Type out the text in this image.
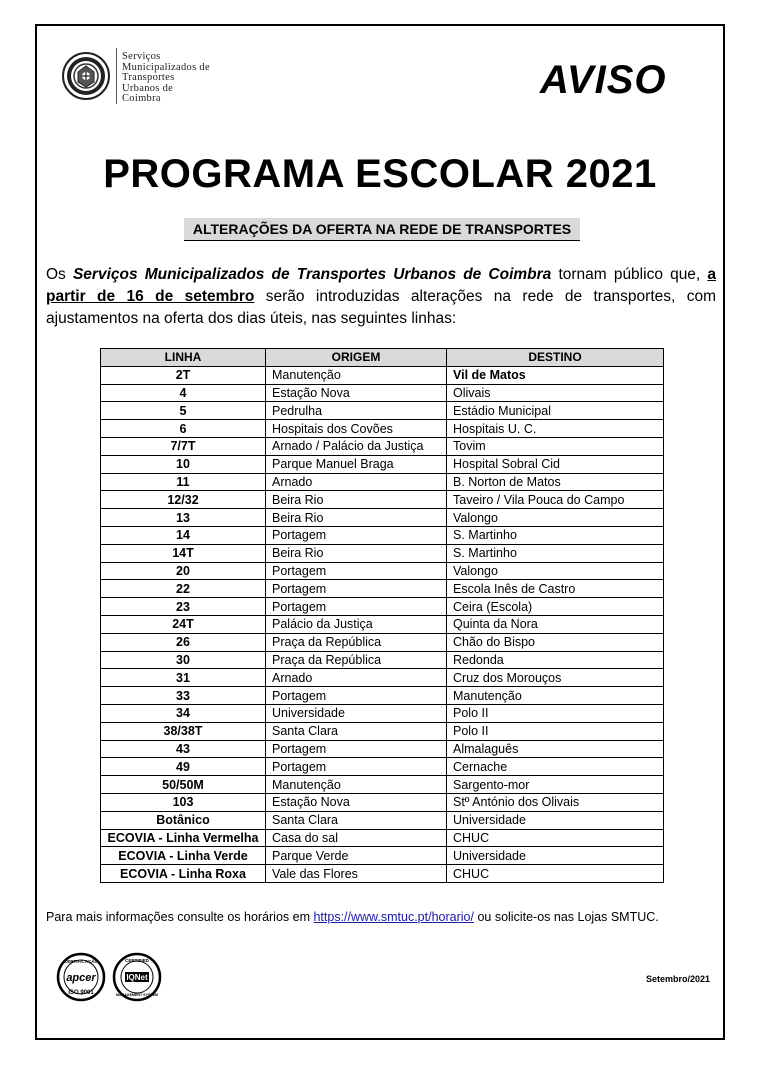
Serviços
Municipalizados de
Transportes
Urbanos de
Coimbra	AVISO
PROGRAMA ESCOLAR 2021
ALTERAÇÕES DA OFERTA NA REDE DE TRANSPORTES
Os Serviços Municipalizados de Transportes Urbanos de Coimbra tornam público que, a partir de 16 de setembro serão introduzidas alterações na rede de transportes, com ajustamentos na oferta dos dias úteis, nas seguintes linhas:
LINHA	ORIGEM	DESTINO
2T	Manutenção	Vil de Matos
4	Estação Nova	Olivais
5	Pedrulha	Estádio Municipal
6	Hospitais dos Covões	Hospitais U. C.
7/7T	Arnado / Palácio da Justiça	Tovim
10	Parque Manuel Braga	Hospital Sobral Cid
11	Arnado	B. Norton de Matos
12/32	Beira Rio	Taveiro / Vila Pouca do Campo
13	Beira Rio	Valongo
14	Portagem	S. Martinho
14T	Beira Rio	S. Martinho
20	Portagem	Valongo
22	Portagem	Escola Inês de Castro
23	Portagem	Ceira (Escola)
24T	Palácio da Justiça	Quinta da Nora
26	Praça da República	Chão do Bispo
30	Praça da República	Redonda
31	Arnado	Cruz dos Morouços
33	Portagem	Manutenção
34	Universidade	Polo II
38/38T	Santa Clara	Polo II
43	Portagem	Almalaguês
49	Portagem	Cernache
50/50M	Manutenção	Sargento-mor
103	Estação Nova	Stº António dos Olivais
Botânico	Santa Clara	Universidade
ECOVIA - Linha Vermelha	Casa do sal	CHUC
ECOVIA - Linha Verde	Parque Verde	Universidade
ECOVIA - Linha Roxa	Vale das Flores	CHUC
Para mais informações consulte os horários em https://www.smtuc.pt/horario/ ou solicite-os nas Lojas SMTUC.
CERTIFICAÇÃO
apcer
ISO 9001
CERTIFIED
IQNet
MANAGEMENT SYSTEM
Setembro/2021
